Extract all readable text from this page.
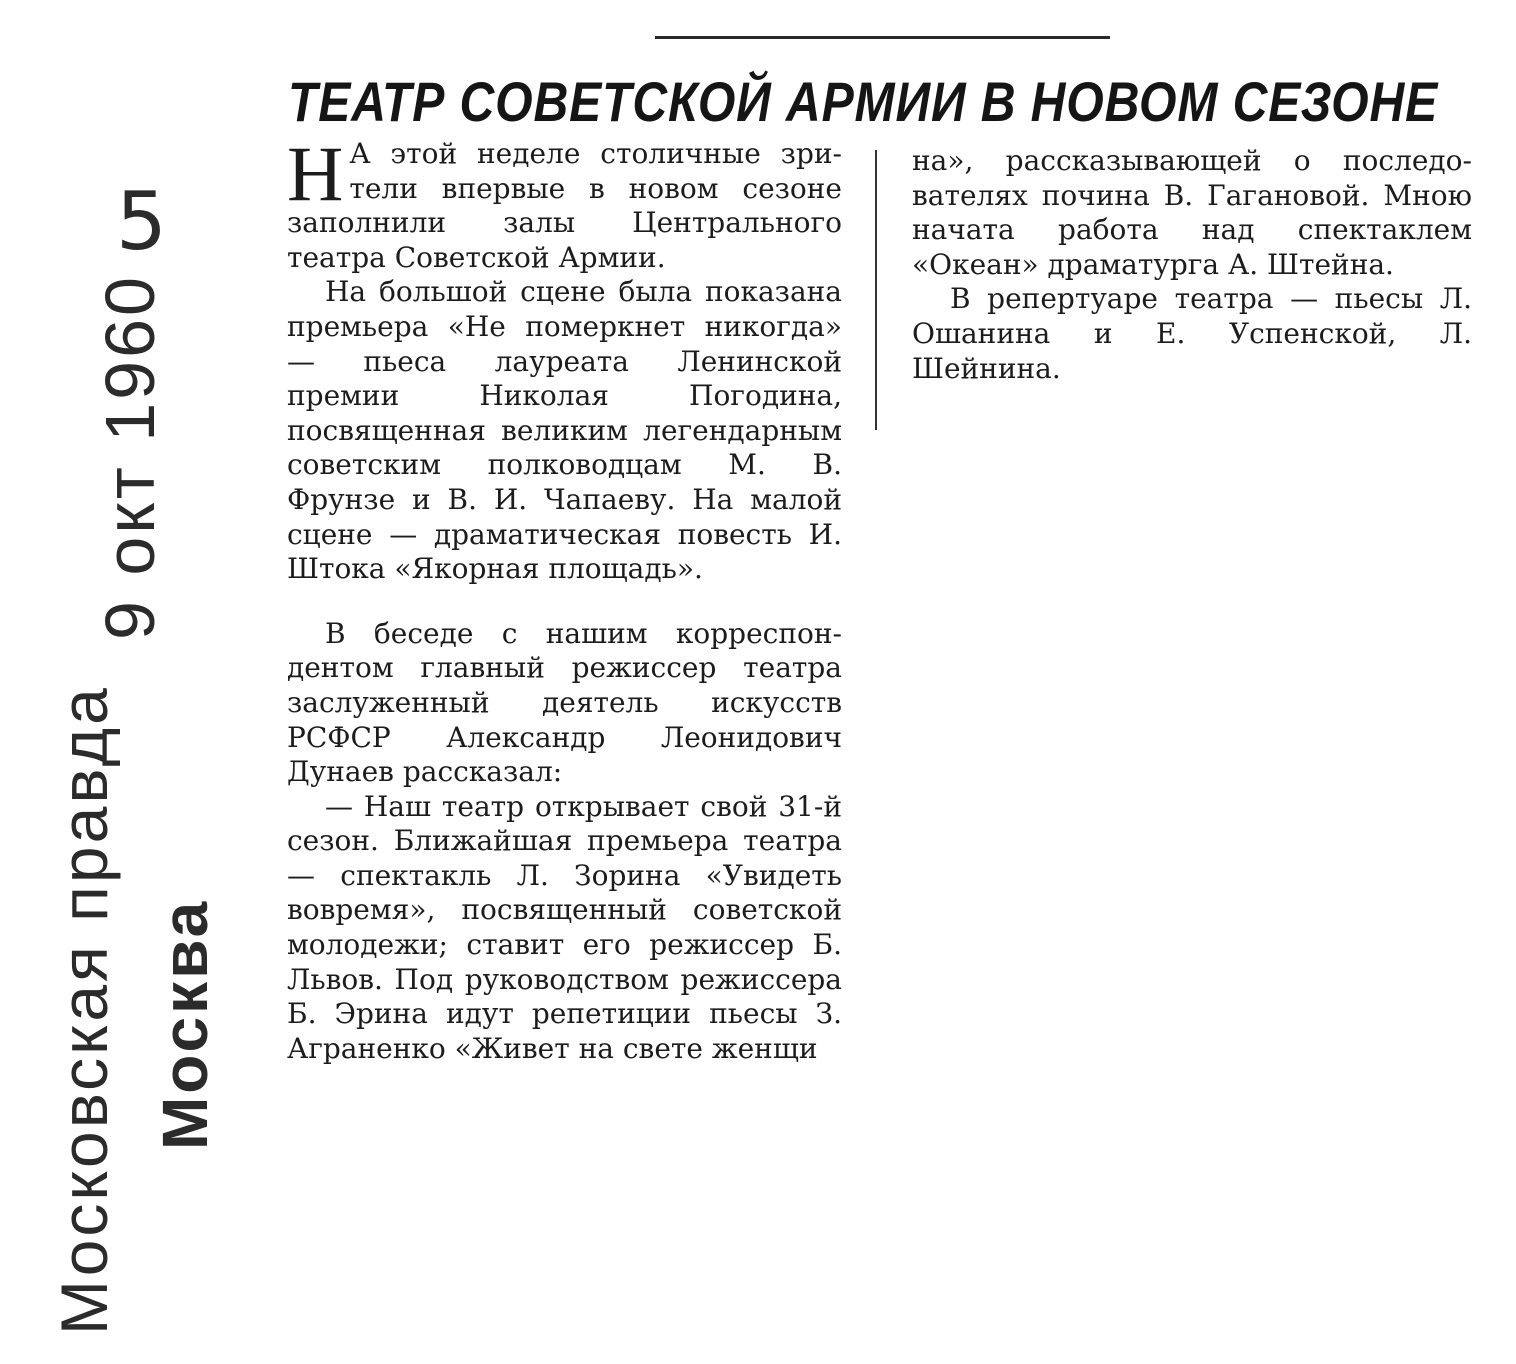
ТЕАТР СОВЕТСКОЙ АРМИИ В НОВОМ СЕЗОНЕ

Н А этой неделе столичные зрители впервые в новом сезоне заполнили залы Центрального театра Советской Армии.

На большой сцене была показана премьера «Не померкнет никогда» — пьеса лауреата Ленинской премии Николая Погодина, посвященная великим легендарным советским полководцам М. В. Фрунзе и В. И. Чапаеву. На малой сцене — драматическая повесть И. Штока «Якорная площадь».

В беседе с нашим корреспондентом главный режиссер театра заслуженный деятель искусств РСФСР Александр Леонидович Дунаев рассказал:

— Наш театр открывает свой 31-й сезон. Ближайшая премьера театра — спектакль Л. Зорина «Увидеть вовремя», посвященный советской молодежи; ставит его режиссер Б. Львов. Под руководством режиссера Б. Эрина идут репетиции пьесы З. Аграненко «Живет на свете женщи

на», рассказывающей о последователях почина В. Гагановой. Мною начата работа над спектаклем «Океан» драматурга А. Штейна.

В репертуаре театра — пьесы Л. Ошанина и Е. Успенской, Л. Шейнина.

Московская правда Москва
9 окт 1960
5
